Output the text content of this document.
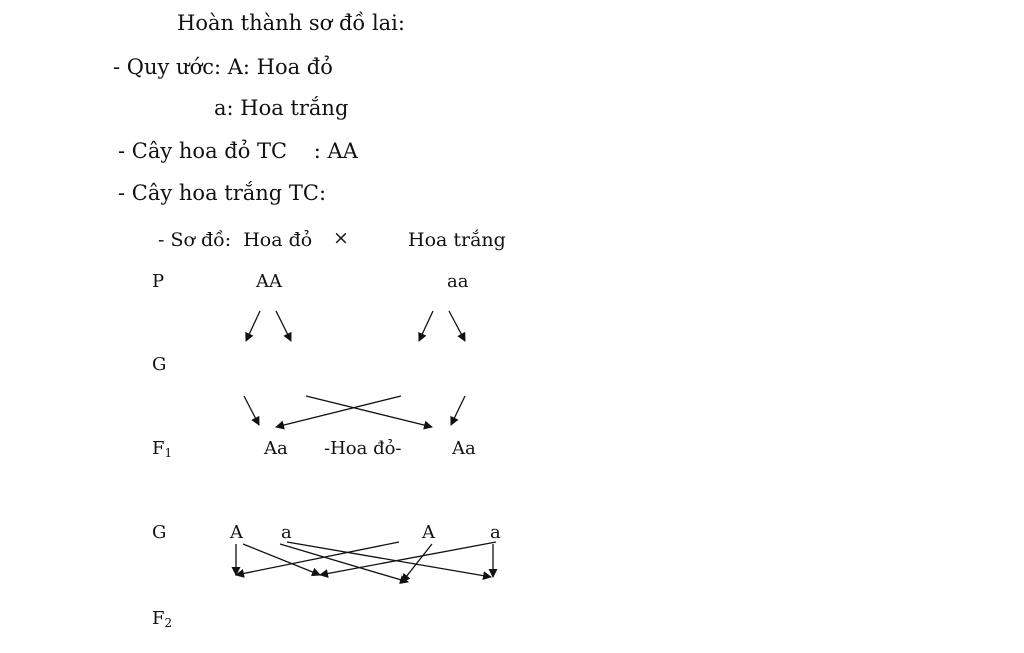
Hoàn thành sơ đồ lai:
- Quy ước: A: Hoa đỏ
a: Hoa trắng
- Cây hoa đỏ TC    : AA
- Cây hoa trắng TC:
- Sơ đồ:  Hoa đỏ ×	Hoa trắng
P	AA	aa
G
$F_1$	Aa -Hoa đỏ-	Aa
G	A a	A	a
$F_2$
